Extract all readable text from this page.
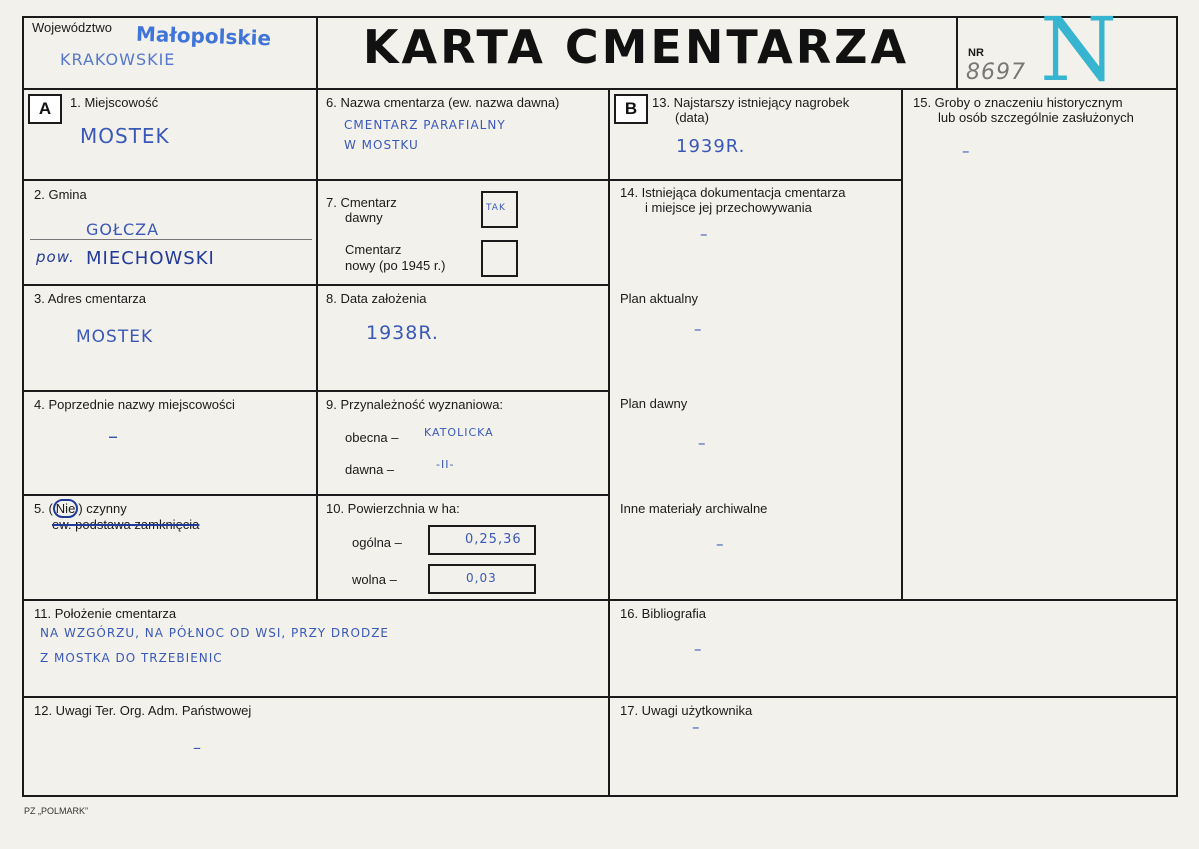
Województwo Małopolskie
KRAKOWSKIE	KARTA CMENTARZA	NR
8697 N
A	B
1. Miejscowość
MOSTEK
2. Gmina
GOŁCZA
pow. MIECHOWSKI
3. Adres cmentarza
MOSTEK
4. Poprzednie nazwy miejscowości
–
5. ( Nie ) czynny
ew. podstawa zamknięcia
6. Nazwa cmentarza (ew. nazwa dawna)
CMENTARZ PARAFIALNY
W MOSTKU
7. Cmentarz
dawny
TAK
Cmentarz
nowy (po 1945 r.)
8. Data założenia
1938R.
9. Przynależność wyznaniowa:
obecna – KATOLICKA
dawna –	-II-
10. Powierzchnia w ha:
ogólna –	0,25,36
wolna –	0,03
11. Położenie cmentarza
NA WZGÓRZU, NA PÓŁNOC OD WSI, PRZY DRODZE
Z MOSTKA DO TRZEBIENIC
12. Uwagi Ter. Org. Adm. Państwowej
–
13. Najstarszy istniejący nagrobek
(data)
1939R.
14. Istniejąca dokumentacja cmentarza
i miejsce jej przechowywania
–
Plan aktualny
–
Plan dawny
–
Inne materiały archiwalne
–
16. Bibliografia
–
17. Uwagi użytkownika
–
15. Groby o znaczeniu historycznym
lub osób szczególnie zasłużonych
–
PZ „POLMARK”
